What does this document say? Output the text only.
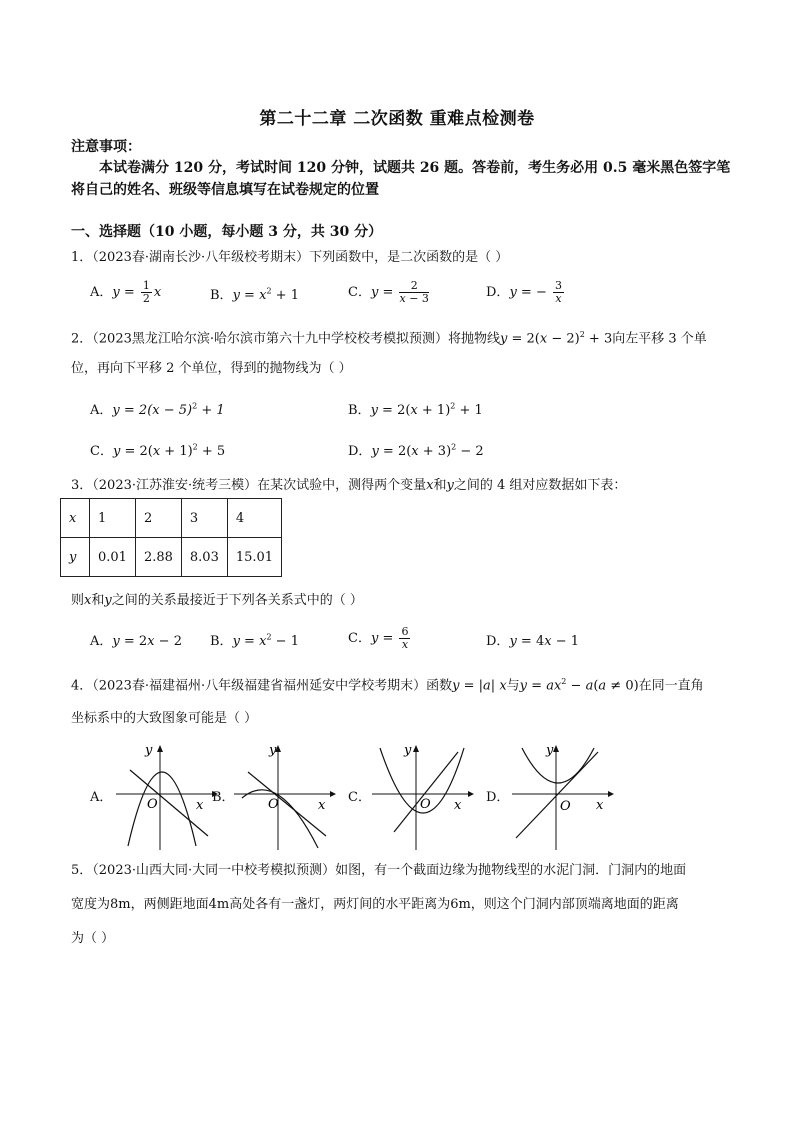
第二十二章 二次函数 重难点检测卷
注意事项：
本试卷满分 120 分，考试时间 120 分钟，试题共 26 题。答卷前，考生务必用 0.5 毫米黑色签字笔将自己的姓名、班级等信息填写在试卷规定的位置
一、选择题（10 小题，每小题 3 分，共 30 分）
1．（2023春·湖南长沙·八年级校考期末）下列函数中，是二次函数的是（ ）
A．$y = \frac{1}{2}$ x	B．$y = x^2 + 1$	C．$y = \frac{2}{x - 3}$	D．y = − $\frac{3}{x}$
2．（2023黑龙江哈尔滨·哈尔滨市第六十九中学校校考模拟预测）将抛物线$y = 2(x - 2)^2 + 3$向左平移 3 个单
位，再向下平移 2 个单位，得到的抛物线为（ ）
A．$y = 2(x - 5)^2 + 1$	B．$y = 2(x + 1)^2 + 1$
C．$y = 2(x + 1)^2 + 5$	D．$y = 2(x + 3)^2 - 2$
3．（2023·江苏淮安·统考三模）在某次试验中，测得两个变量x和y之间的 4 组对应数据如下表：
x	1	2	3	4
y	0.01	2.88	8.03	15.01
则x和y之间的关系最接近于下列各关系式中的（ ）
A．y = 2x − 2 B．$y = x^2 - 1$	C．$y = \frac{6}{x}$	D．y = 4x − 1
4．（2023春·福建福州·八年级福建省福州延安中学校考期末）函数y = |a| x与$y = ax^2 - a(a \ne 0)$在同一直角
坐标系中的大致图象可能是（ ）
A．
y
x
O	B．
y
x
O	C．
y
x
O	D．
y
x
O
5．（2023·山西大同·大同一中校考模拟预测）如图，有一个截面边缘为抛物线型的水泥门洞．门洞内的地面
宽度为8m，两侧距地面4m高处各有一盏灯，两灯间的水平距离为6m，则这个门洞内部顶端离地面的距离
为（ ）
